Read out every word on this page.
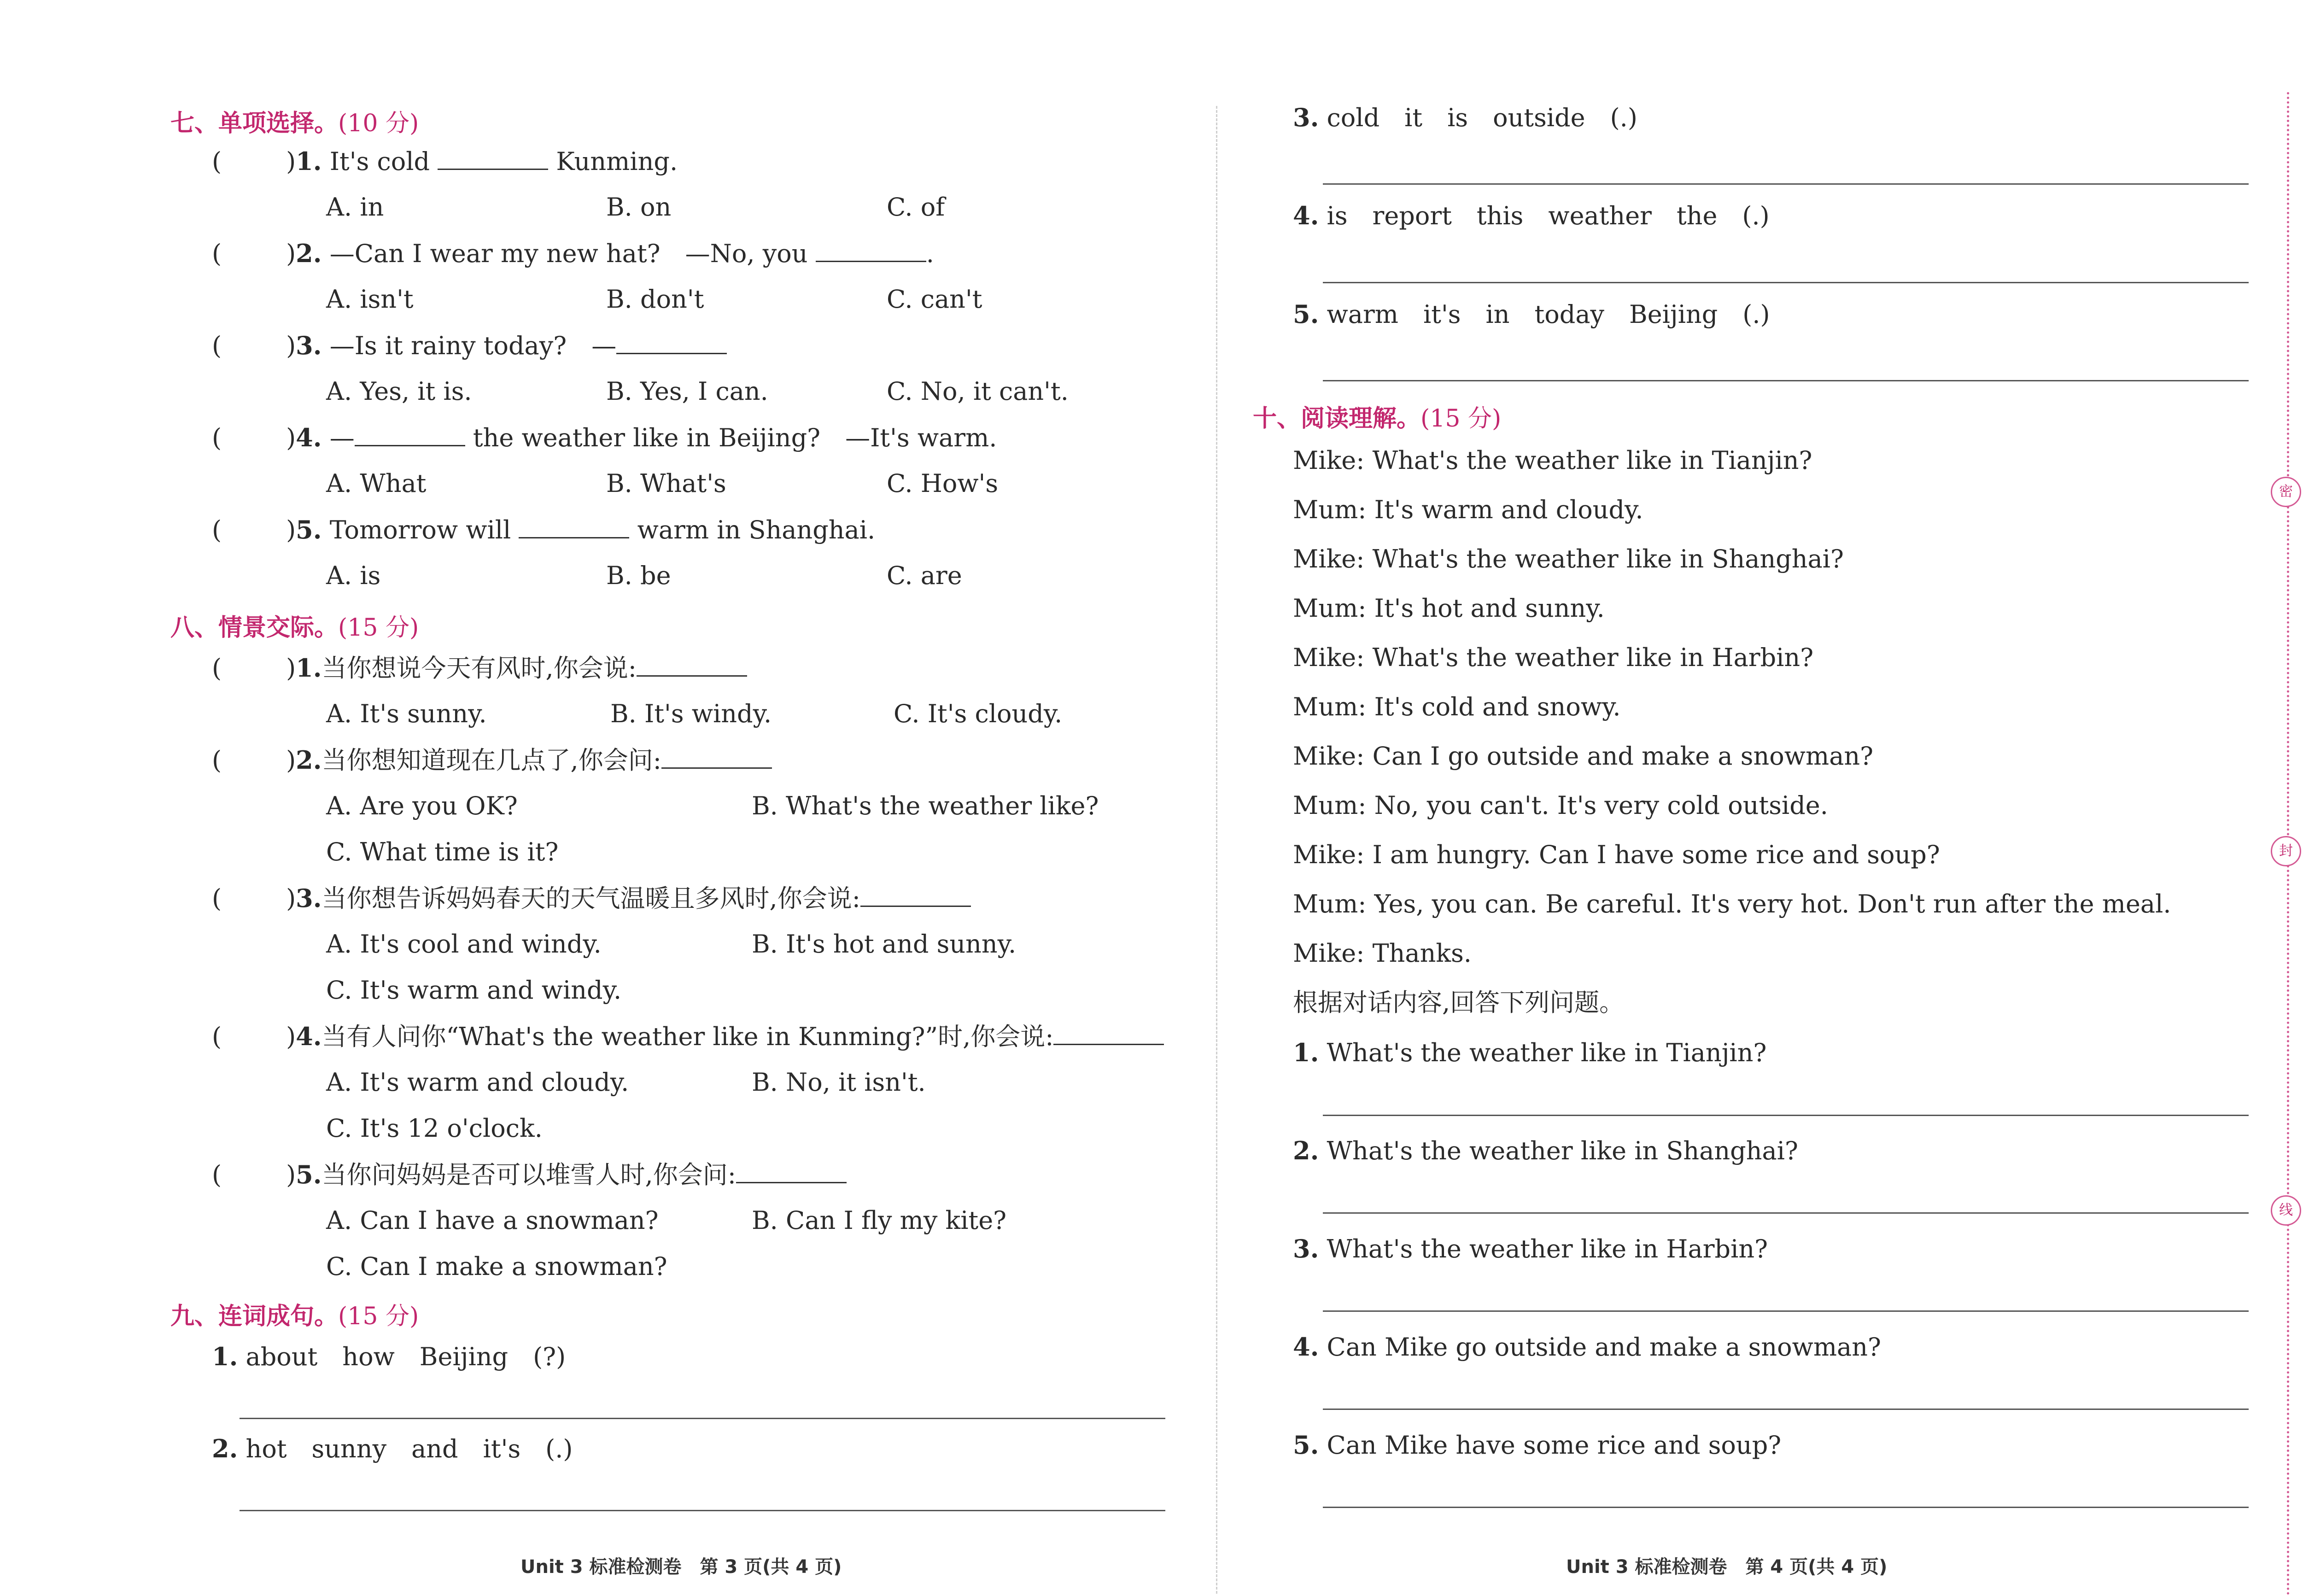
七、单项选择。(10 分)
(	)1. It's cold	Kunming.
A. in	B. on	C. of
(	)2. —Can I wear my new hat?　—No, you	.
A. isn't	B. don't	C. can't
(	)3. —Is it rainy today?　—
A. Yes, it is.	B. Yes, I can.	C. No, it can't.
(	)4. —	the weather like in Beijing?　—It's warm.
A. What	B. What's	C. How's
(	)5. Tomorrow will	warm in Shanghai.
A. is	B. be	C. are
八、情景交际。(15 分)
(	)1.当你想说今天有风时,你会说:
A. It's sunny.	B. It's windy.	C. It's cloudy.
(	)2.当你想知道现在几点了,你会问:
A. Are you OK?	B. What's the weather like?
C. What time is it?
(	)3.当你想告诉妈妈春天的天气温暖且多风时,你会说:
A. It's cool and windy.	B. It's hot and sunny.
C. It's warm and windy.
(	)4.当有人问你“What's the weather like in Kunming?”时,你会说:
A. It's warm and cloudy.	B. No, it isn't.
C. It's 12 o'clock.
(	)5.当你问妈妈是否可以堆雪人时,你会问:
A. Can I have a snowman?	B. Can I fly my kite?
C. Can I make a snowman?
九、连词成句。(15 分)
1. about　how　Beijing　(?)
2. hot　sunny　and　it's　(.)
Unit 3 标准检测卷　第 3 页(共 4 页)
3. cold　it　is　outside　(.)
4. is　report　this　weather　the　(.)
5. warm　it's　in　today　Beijing　(.)
十、阅读理解。(15 分)
Mike: What's the weather like in Tianjin?
Mum: It's warm and cloudy.
Mike: What's the weather like in Shanghai?
Mum: It's hot and sunny.
Mike: What's the weather like in Harbin?
Mum: It's cold and snowy.
Mike: Can I go outside and make a snowman?
Mum: No, you can't. It's very cold outside.
Mike: I am hungry. Can I have some rice and soup?
Mum: Yes, you can. Be careful. It's very hot. Don't run after the meal.
Mike: Thanks.
根据对话内容,回答下列问题。
1. What's the weather like in Tianjin?
2. What's the weather like in Shanghai?
3. What's the weather like in Harbin?
4. Can Mike go outside and make a snowman?
5. Can Mike have some rice and soup?
Unit 3 标准检测卷　第 4 页(共 4 页)
密
封
线
